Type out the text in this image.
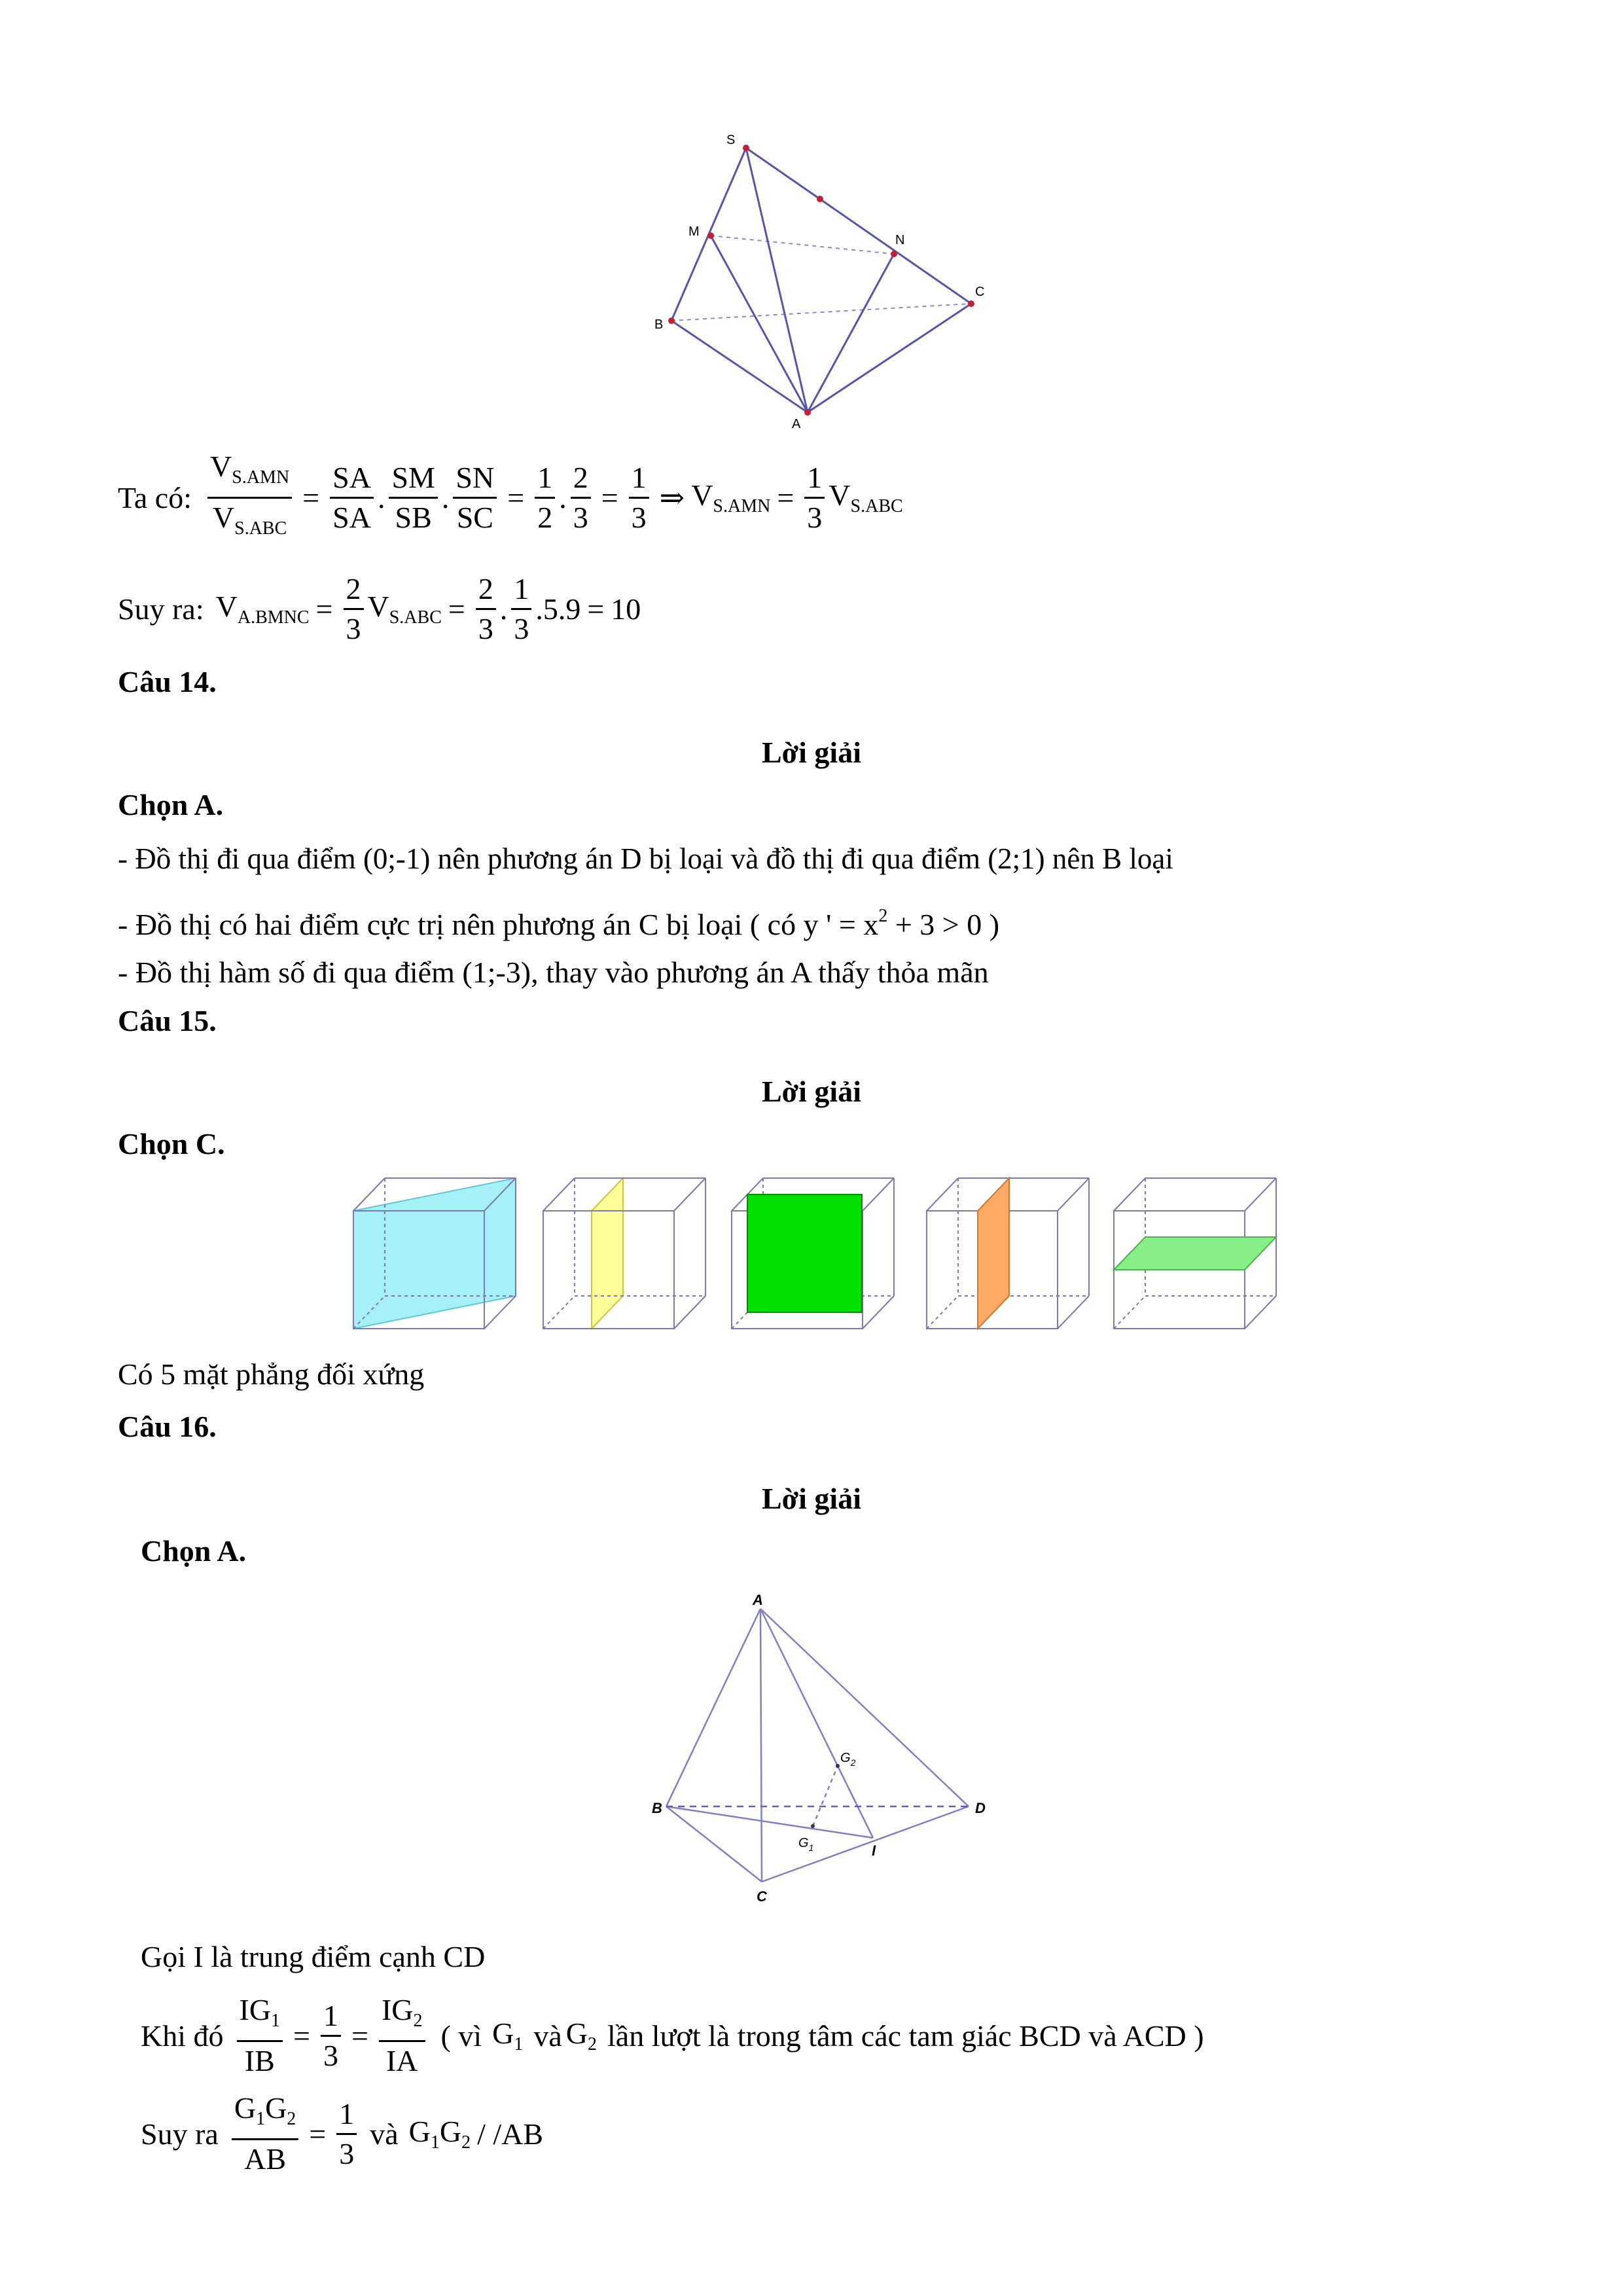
S
M
N
C
B
A
Ta có: $\frac{V_{S.AMN}}{V_{S.ABC}} = \frac{SA}{SA}$ . $\frac{SM}{SB}$ . $\frac{SN}{SC} = \frac{1}{2}$ . $\frac{2}{3} = \frac{1}{3}$ ⇒ $V_{S.AMN} = \frac{1}{3} V_{S.ABC}$
Suy ra: $V_{A.BMNC} = \frac{2}{3} V_{S.ABC} = \frac{2}{3}$ . $\frac{1}{3} .5.9 = 10$
Câu 14.
Lời giải
Chọn A.
- Đồ thị đi qua điểm (0;-1) nên phương án D bị loại và đồ thị đi qua điểm (2;1) nên B loại
- Đồ thị có hai điểm cực trị nên phương án C bị loại ( có y ' = $x^2 + 3 > 0$ )
- Đồ thị hàm số đi qua điểm (1;-3), thay vào phương án A thấy thỏa mãn
Câu 15.
Lời giải
Chọn C.
Có 5 mặt phẳng đối xứng
Câu 16.
Lời giải
Chọn A.
A
B
C
D
I
$G_2$
$G_1$
Gọi I là trung điểm cạnh CD
Khi đó $\frac{IG_1}{IB} = \frac{1}{3} = \frac{IG_2}{IA}$ ( vì $G_1$ và $G_2$ lần lượt là trong tâm các tam giác BCD và ACD )
Suy ra $\frac{G_1G_2}{AB} = \frac{1}{3}$ và $G_1G_2 / /AB$
